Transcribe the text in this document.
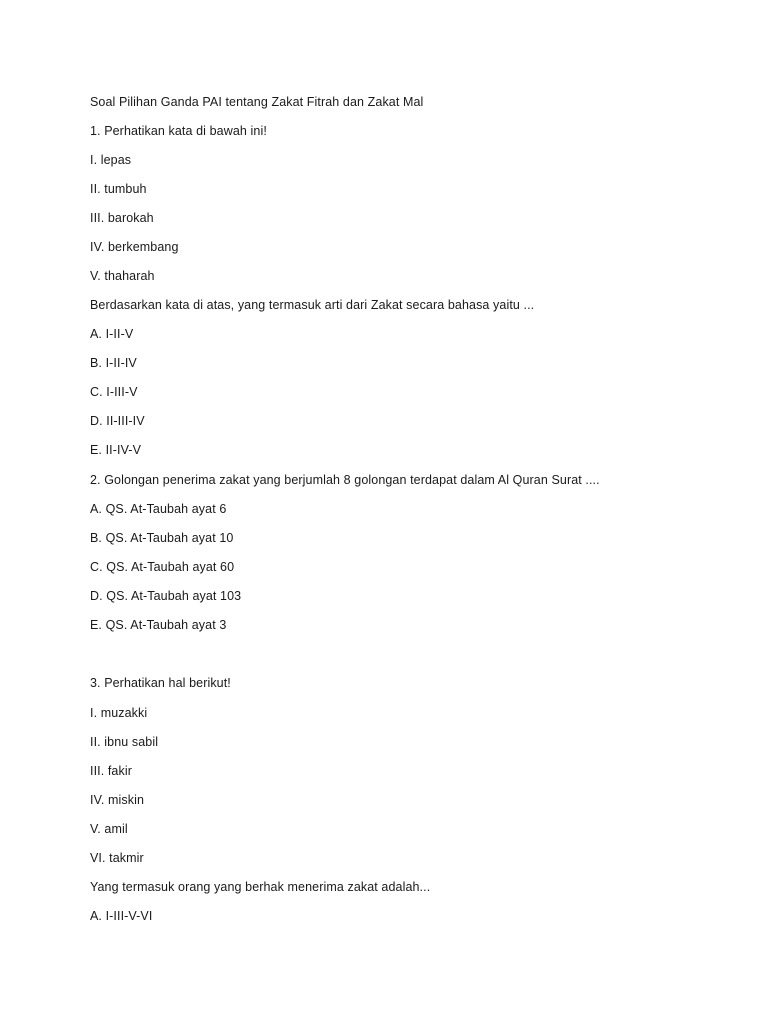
Soal Pilihan Ganda PAI tentang Zakat Fitrah dan Zakat Mal
1. Perhatikan kata di bawah ini!
I. lepas
II. tumbuh
III. barokah
IV. berkembang
V. thaharah
Berdasarkan kata di atas, yang termasuk arti dari Zakat secara bahasa yaitu ...
A. I-II-V
B. I-II-IV
C. I-III-V
D. II-III-IV
E. II-IV-V
2. Golongan penerima zakat yang berjumlah 8 golongan terdapat dalam Al Quran Surat ....
A. QS. At-Taubah ayat 6
B. QS. At-Taubah ayat 10
C. QS. At-Taubah ayat 60
D. QS. At-Taubah ayat 103
E. QS. At-Taubah ayat 3
3. Perhatikan hal berikut!
I. muzakki
II. ibnu sabil
III. fakir
IV. miskin
V. amil
VI. takmir
Yang termasuk orang yang berhak menerima zakat adalah...
A. I-III-V-VI
